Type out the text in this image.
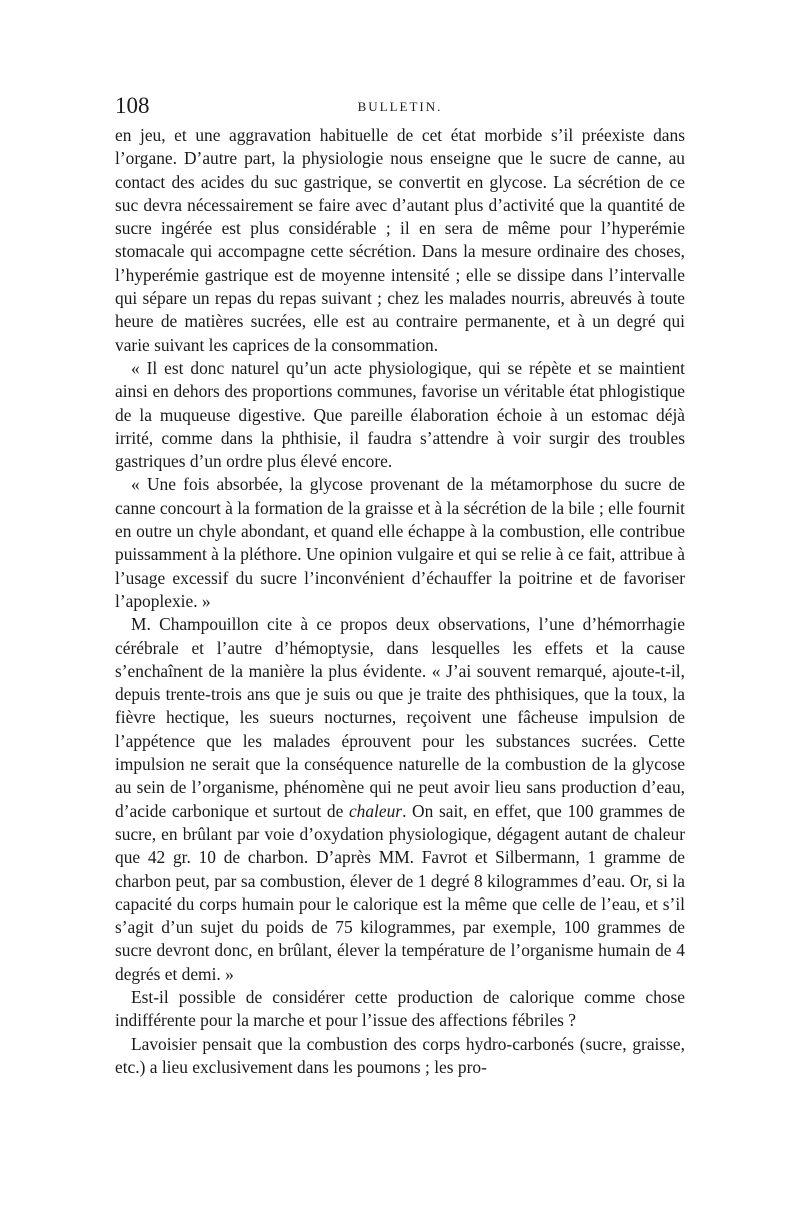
108	BULLETIN.

en jeu, et une aggravation habituelle de cet état morbide s’il préexiste dans l’organe. D’autre part, la physiologie nous enseigne que le sucre de canne, au contact des acides du suc gastrique, se convertit en glycose. La sécrétion de ce suc devra nécessairement se faire avec d’autant plus d’activité que la quantité de sucre ingérée est plus considérable ; il en sera de même pour l’hyperémie stomacale qui accompagne cette sécrétion. Dans la mesure ordinaire des choses, l’hyperémie gastrique est de moyenne intensité ; elle se dissipe dans l’intervalle qui sépare un repas du repas suivant ; chez les malades nourris, abreuvés à toute heure de matières sucrées, elle est au contraire permanente, et à un degré qui varie suivant les caprices de la consommation.

« Il est donc naturel qu’un acte physiologique, qui se répète et se maintient ainsi en dehors des proportions communes, favorise un véritable état phlogistique de la muqueuse digestive. Que pareille élaboration échoie à un estomac déjà irrité, comme dans la phthisie, il faudra s’attendre à voir surgir des troubles gastriques d’un ordre plus élevé encore.

« Une fois absorbée, la glycose provenant de la métamorphose du sucre de canne concourt à la formation de la graisse et à la sécrétion de la bile ; elle fournit en outre un chyle abondant, et quand elle échappe à la combustion, elle contribue puissamment à la pléthore. Une opinion vulgaire et qui se relie à ce fait, attribue à l’usage excessif du sucre l’inconvénient d’échauffer la poitrine et de favoriser l’apoplexie. »

M. Champouillon cite à ce propos deux observations, l’une d’hémorrhagie cérébrale et l’autre d’hémoptysie, dans lesquelles les effets et la cause s’enchaînent de la manière la plus évidente. « J’ai souvent remarqué, ajoute-t-il, depuis trente-trois ans que je suis ou que je traite des phthisiques, que la toux, la fièvre hectique, les sueurs nocturnes, reçoivent une fâcheuse impulsion de l’appétence que les malades éprouvent pour les substances sucrées. Cette impulsion ne serait que la conséquence naturelle de la combustion de la glycose au sein de l’organisme, phénomène qui ne peut avoir lieu sans production d’eau, d’acide carbonique et surtout de chaleur. On sait, en effet, que 100 grammes de sucre, en brûlant par voie d’oxydation physiologique, dégagent autant de chaleur que 42 gr. 10 de charbon. D’après MM. Favrot et Silbermann, 1 gramme de charbon peut, par sa combustion, élever de 1 degré 8 kilogrammes d’eau. Or, si la capacité du corps humain pour le calorique est la même que celle de l’eau, et s’il s’agit d’un sujet du poids de 75 kilogrammes, par exemple, 100 grammes de sucre devront donc, en brûlant, élever la température de l’organisme humain de 4 degrés et demi. »

Est-il possible de considérer cette production de calorique comme chose indifférente pour la marche et pour l’issue des affections fébriles ?

Lavoisier pensait que la combustion des corps hydro-carbonés (sucre, graisse, etc.) a lieu exclusivement dans les poumons ; les pro-
